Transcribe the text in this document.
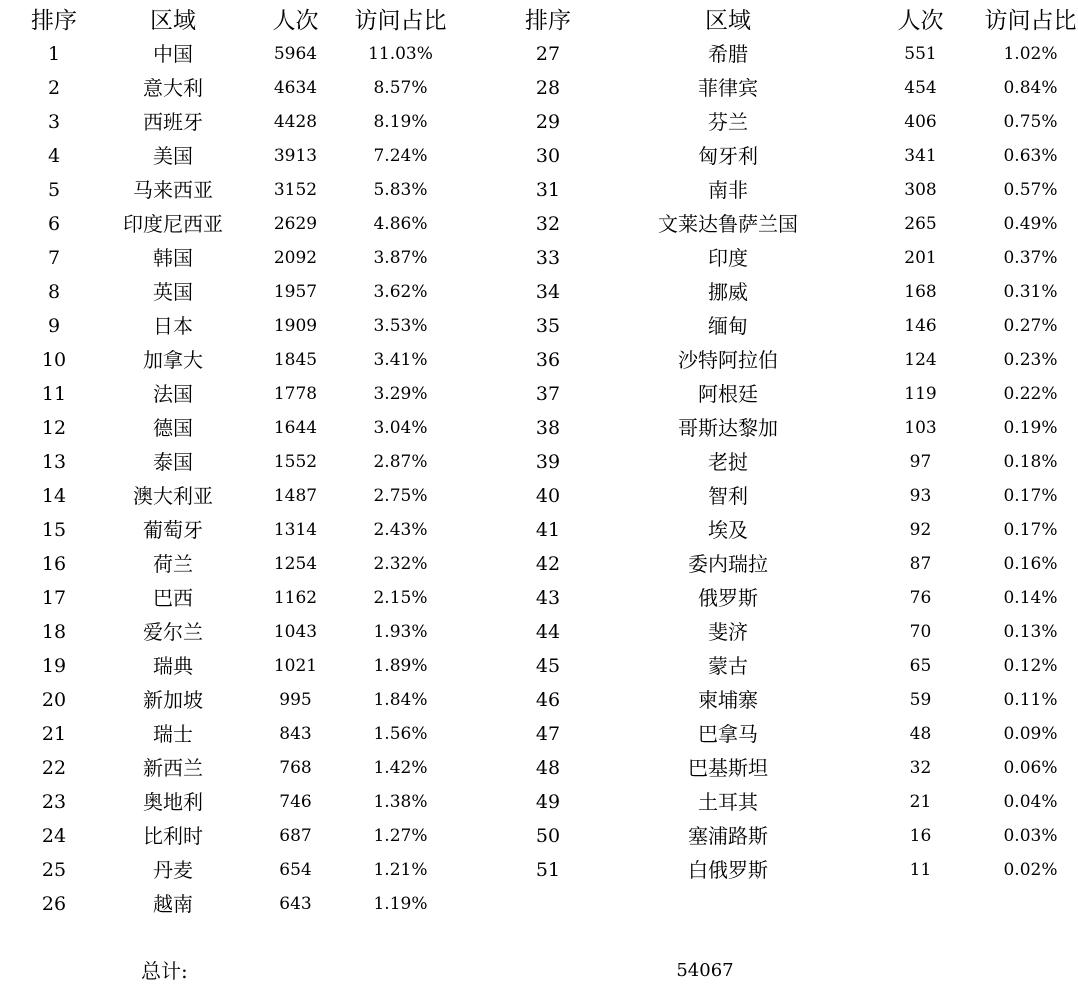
排序	区域	人次	访问占比
1	中国	5964	11.03%
2	意大利	4634	8.57%
3	西班牙	4428	8.19%
4	美国	3913	7.24%
5	马来西亚	3152	5.83%
6	印度尼西亚	2629	4.86%
7	韩国	2092	3.87%
8	英国	1957	3.62%
9	日本	1909	3.53%
10	加拿大	1845	3.41%
11	法国	1778	3.29%
12	德国	1644	3.04%
13	泰国	1552	2.87%
14	澳大利亚	1487	2.75%
15	葡萄牙	1314	2.43%
16	荷兰	1254	2.32%
17	巴西	1162	2.15%
18	爱尔兰	1043	1.93%
19	瑞典	1021	1.89%
20	新加坡	995	1.84%
21	瑞士	843	1.56%
22	新西兰	768	1.42%
23	奥地利	746	1.38%
24	比利时	687	1.27%
25	丹麦	654	1.21%
26	越南	643	1.19%
排序	区域	人次	访问占比
27	希腊	551	1.02%
28	菲律宾	454	0.84%
29	芬兰	406	0.75%
30	匈牙利	341	0.63%
31	南非	308	0.57%
32	文莱达鲁萨兰国	265	0.49%
33	印度	201	0.37%
34	挪威	168	0.31%
35	缅甸	146	0.27%
36	沙特阿拉伯	124	0.23%
37	阿根廷	119	0.22%
38	哥斯达黎加	103	0.19%
39	老挝	97	0.18%
40	智利	93	0.17%
41	埃及	92	0.17%
42	委内瑞拉	87	0.16%
43	俄罗斯	76	0.14%
44	斐济	70	0.13%
45	蒙古	65	0.12%
46	柬埔寨	59	0.11%
47	巴拿马	48	0.09%
48	巴基斯坦	32	0.06%
49	土耳其	21	0.04%
50	塞浦路斯	16	0.03%
51	白俄罗斯	11	0.02%
总计:	54067
